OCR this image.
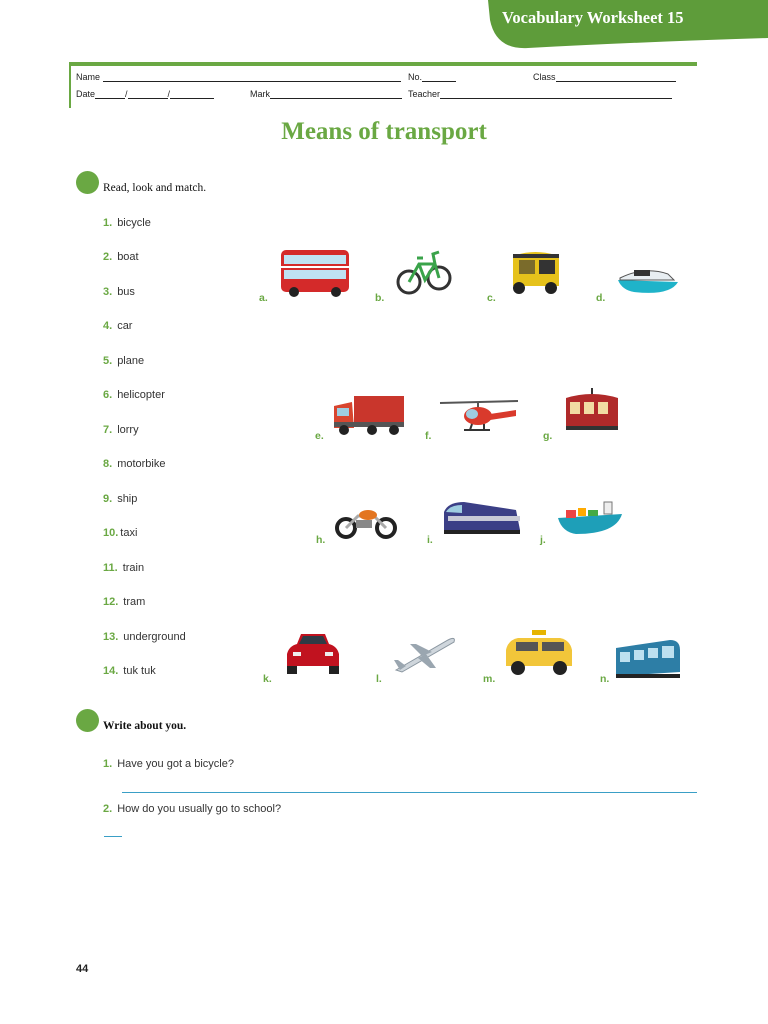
Vocabulary Worksheet 15
Name	No.	Class
Date	/	/	Mark	Teacher
Means of transport
Read, look and match.
1. bicycle
2. boat
3. bus
4. car
5. plane
6. helicopter
7. lorry
8. motorbike
9. ship
10. taxi
11. train
12. tram
13. underground
14. tuk tuk
a.	b.	c.	d.
e.	f.	g.
h.	i.	j.
k.	l.	m.	n.
Write about you.
1. Have you got a bicycle?
2. How do you usually go to school?
44
